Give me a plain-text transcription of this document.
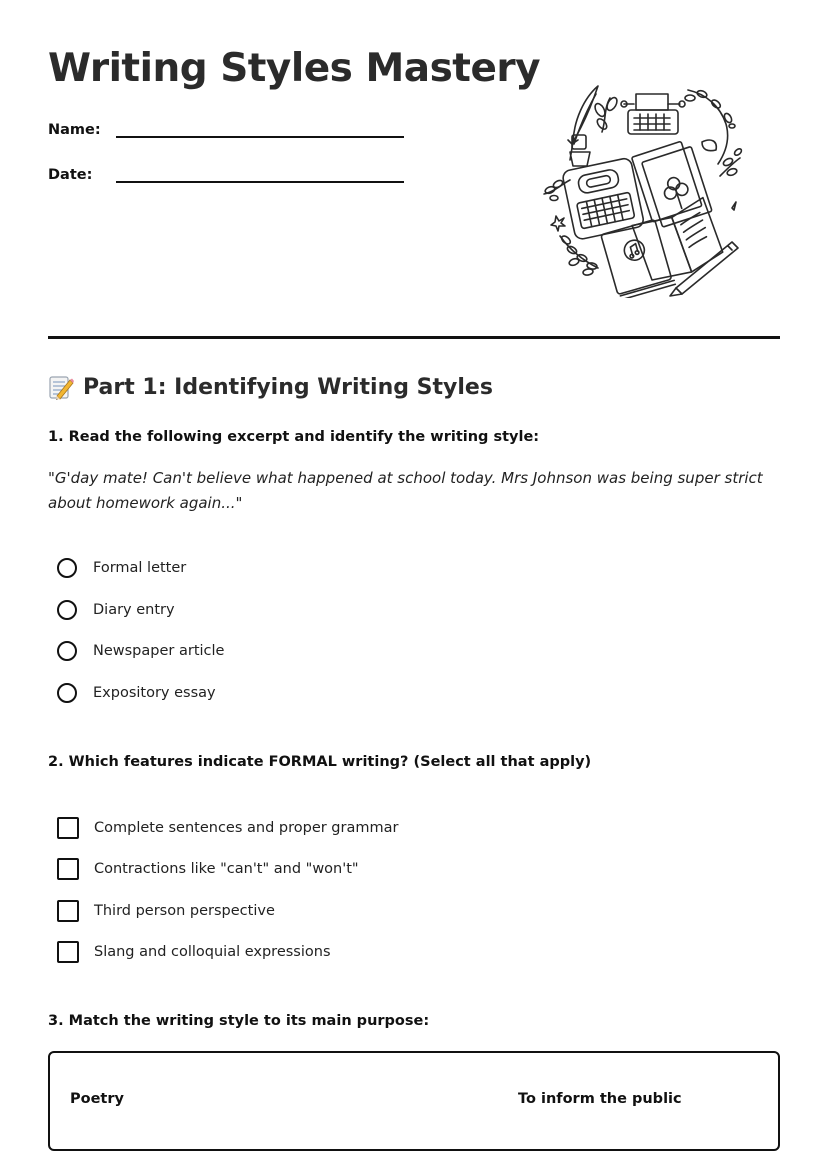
Writing Styles Mastery
Name:
Date:
Part 1: Identifying Writing Styles

1. Read the following excerpt and identify the writing style:

"G'day mate! Can't believe what happened at school today. Mrs Johnson was being super strict about homework again..."

Formal letter
Diary entry
Newspaper article
Expository essay

2. Which features indicate FORMAL writing? (Select all that apply)

Complete sentences and proper grammar
Contractions like "can't" and "won't"
Third person perspective
Slang and colloquial expressions

3. Match the writing style to its main purpose:

Poetry	To inform the public
